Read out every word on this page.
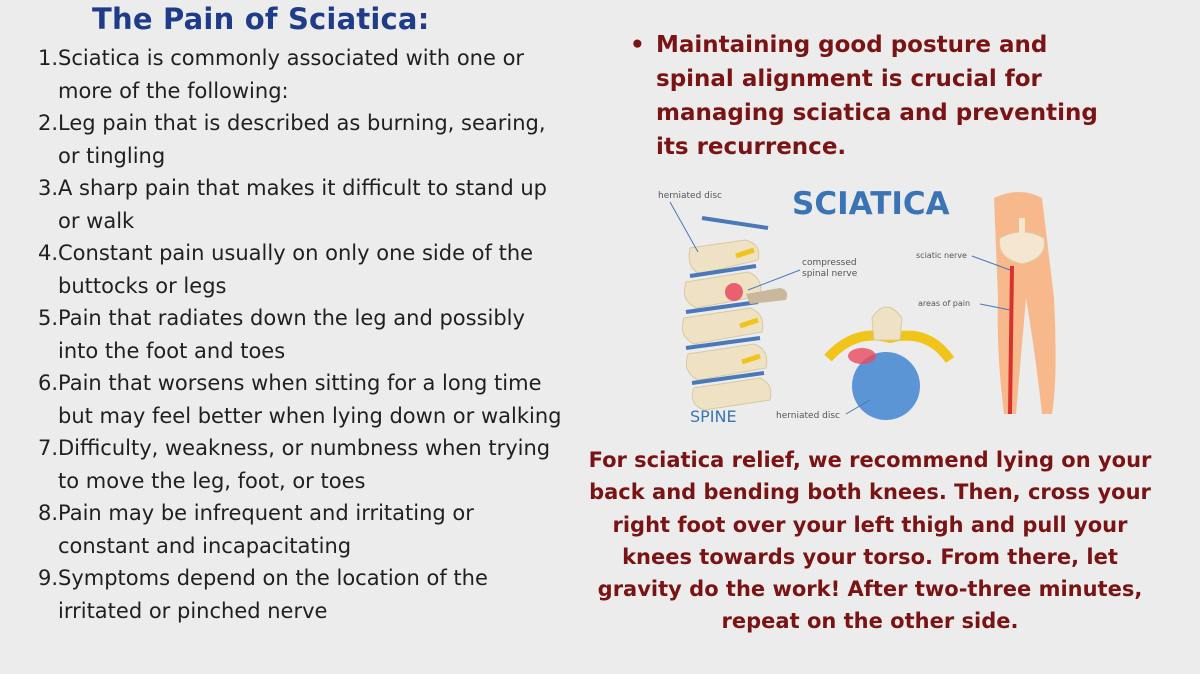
The Pain of Sciatica:
1. Sciatica is commonly associated with one or more of the following:
2. Leg pain that is described as burning, searing, or tingling
3. A sharp pain that makes it difficult to stand up or walk
4. Constant pain usually on only one side of the buttocks or legs
5. Pain that radiates down the leg and possibly into the foot and toes
6. Pain that worsens when sitting for a long time but may feel better when lying down or walking
7. Difficulty, weakness, or numbness when trying to move the leg, foot, or toes
8. Pain may be infrequent and irritating or constant and incapacitating
9. Symptoms depend on the location of the irritated or pinched nerve
• Maintaining good posture and spinal alignment is crucial for managing sciatica and preventing its recurrence.
herniated disc SCIATICA
compressed
spinal nerve
sciatic nerve
areas of pain
SPINE	herniated disc
For sciatica relief, we recommend lying on your back and bending both knees. Then, cross your right foot over your left thigh and pull your knees towards your torso. From there, let gravity do the work! After two-three minutes, repeat on the other side.
